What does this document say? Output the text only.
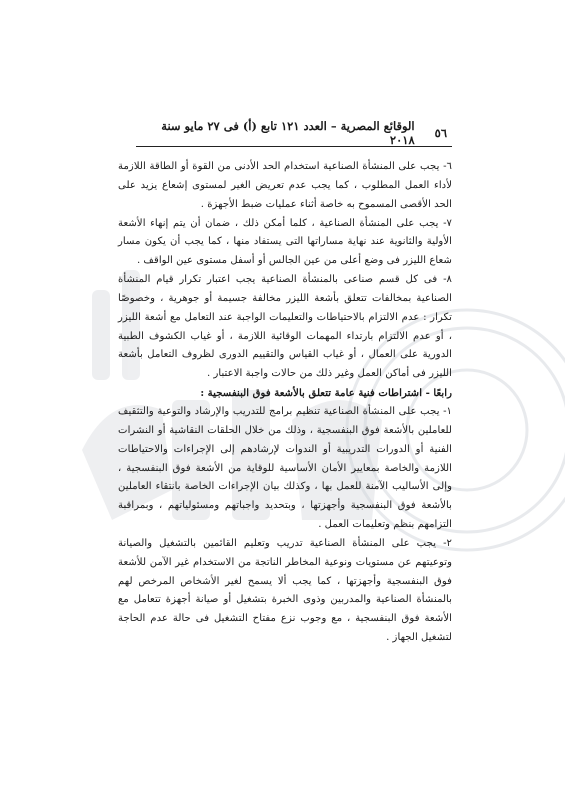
٥٦
الوقائع المصرية – العدد ١٢١ تابع (أ) فى ٢٧ مايو سنة ٢٠١٨

٦- يجب على المنشأة الصناعية استخدام الحد الأدنى من القوة أو الطاقة اللازمة لأداء العمل المطلوب ، كما يجب عدم تعريض الغير لمستوى إشعاع يزيد على الحد الأقصى المسموح به خاصة أثناء عمليات ضبط الأجهزة .

٧- يجب على المنشأة الصناعية ، كلما أمكن ذلك ، ضمان أن يتم إنهاء الأشعة الأولية والثانوية عند نهاية مساراتها التى يستفاد منها ، كما يجب أن يكون مسار شعاع الليزر فى وضع أعلى من عين الجالس أو أسفل مستوى عين الواقف .

٨- فى كل قسم صناعى بالمنشأة الصناعية يجب اعتبار تكرار قيام المنشأة الصناعية بمخالفات تتعلق بأشعة الليزر مخالفة جسيمة أو جوهرية ، وخصوصًا تكرار : عدم الالتزام بالاحتياطات والتعليمات الواجبة عند التعامل مع أشعة الليزر ، أو عدم الالتزام بارتداء المهمات الوقائية اللازمة ، أو غياب الكشوف الطبية الدورية على العمال ، أو غياب القياس والتقييم الدورى لظروف التعامل بأشعة الليزر فى أماكن العمل وغير ذلك من حالات واجبة الاعتبار .

رابعًا - اشتراطات فنية عامة تتعلق بالأشعة فوق البنفسجية :

١- يجب على المنشأة الصناعية تنظيم برامج للتدريب والإرشاد والتوعية والتثقيف للعاملين بالأشعة فوق البنفسجية ، وذلك من خلال الحلقات النقاشية أو النشرات الفنية أو الدورات التدريبية أو الندوات لإرشادهم إلى الإجراءات والاحتياطات اللازمة والخاصة بمعايير الأمان الأساسية للوقاية من الأشعة فوق البنفسجية ، وإلى الأساليب الآمنة للعمل بها ، وكذلك بيان الإجراءات الخاصة بانتقاء العاملين بالأشعة فوق البنفسجية وأجهزتها ، وبتحديد واجباتهم ومسئولياتهم ، وبمراقبة التزامهم بنظم وتعليمات العمل .

٢- يجب على المنشأة الصناعية تدريب وتعليم القائمين بالتشغيل والصيانة وتوعيتهم عن مستويات ونوعية المخاطر الناتجة من الاستخدام غير الآمن للأشعة فوق البنفسجية وأجهزتها ، كما يجب ألا يسمح لغير الأشخاص المرخص لهم بالمنشأة الصناعية والمدربين وذوى الخبرة بتشغيل أو صيانة أجهزة تتعامل مع الأشعة فوق البنفسجية ، مع وجوب نزع مفتاح التشغيل فى حالة عدم الحاجة لتشغيل الجهاز .
